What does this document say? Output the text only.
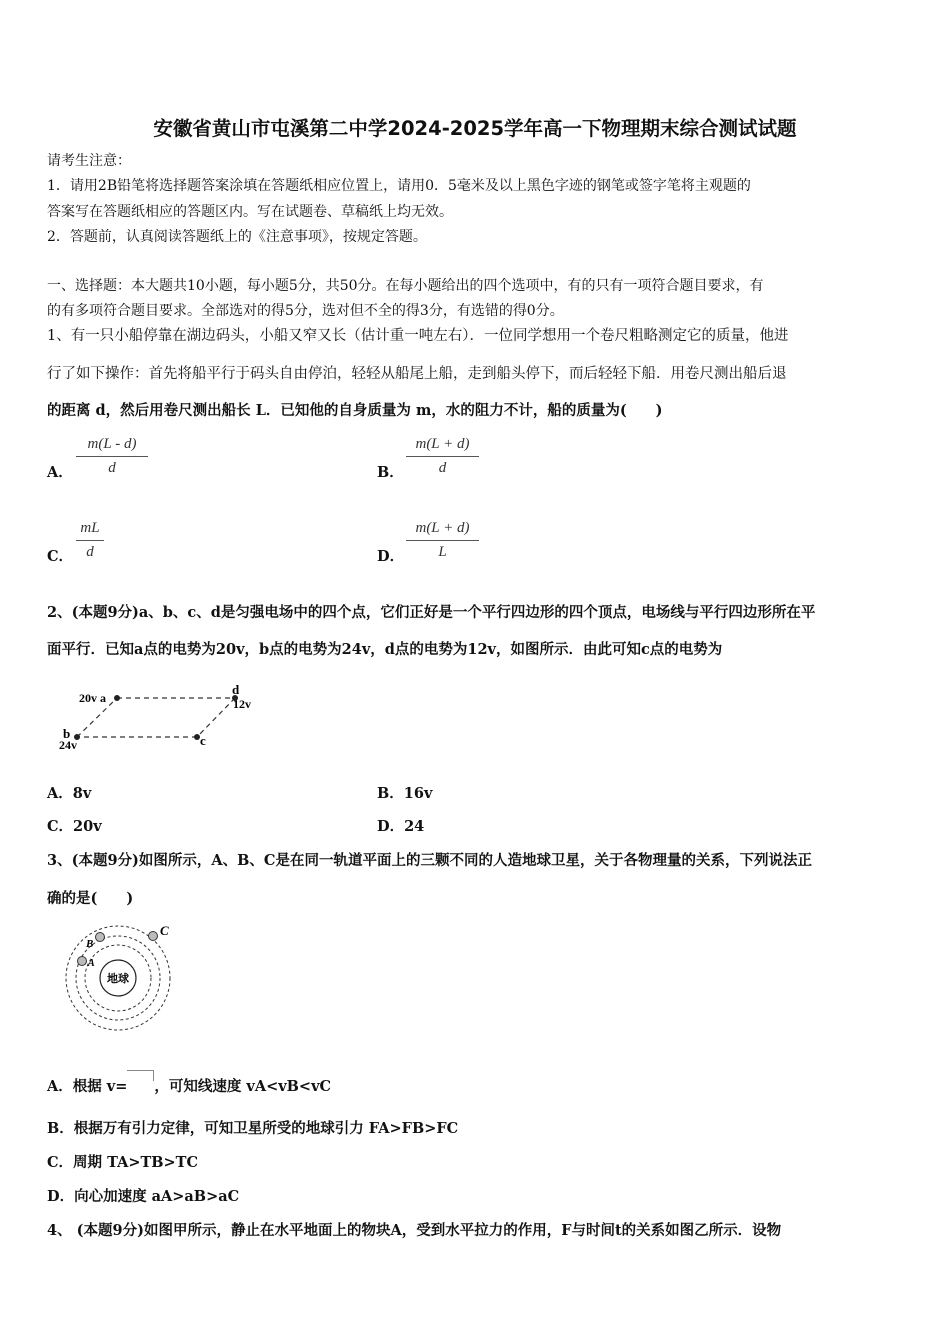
安徽省黄山市屯溪第二中学2024-2025学年高一下物理期末综合测试试题
请考生注意：
1．请用2B铅笔将选择题答案涂填在答题纸相应位置上，请用0．5毫米及以上黑色字迹的钢笔或签字笔将主观题的
答案写在答题纸相应的答题区内。写在试题卷、草稿纸上均无效。
2．答题前，认真阅读答题纸上的《注意事项》，按规定答题。
一、选择题：本大题共10小题，每小题5分，共50分。在每小题给出的四个选项中，有的只有一项符合题目要求，有
的有多项符合题目要求。全部选对的得5分，选对但不全的得3分，有选错的得0分。
1、有一只小船停靠在湖边码头，小船又窄又长（估计重一吨左右）．一位同学想用一个卷尺粗略测定它的质量，他进
行了如下操作：首先将船平行于码头自由停泊，轻轻从船尾上船，走到船头停下，而后轻轻下船．用卷尺测出船后退
的距离 d，然后用卷尺测出船长 L．已知他的自身质量为 m，水的阻力不计，船的质量为(　　)
A．
m(L - d)
d	B．
m(L + d)
d
C．
mL
d	D．
m(L + d)
L
2、(本题9分)a、b、c、d是匀强电场中的四个点，它们正好是一个平行四边形的四个顶点，电场线与平行四边形所在平
面平行．已知a点的电势为20v，b点的电势为24v，d点的电势为12v，如图所示．由此可知c点的电势为
20v a
d
12v
b
24v	c
A．8v	B．16v
C．20v	D．24
3、(本题9分)如图所示，A、B、C是在同一轨道平面上的三颗不同的人造地球卫星，关于各物理量的关系，下列说法正
确的是(　　)
地球
A
B
C
A．根据 v= ，可知线速度 vA<vB<vC
B．根据万有引力定律，可知卫星所受的地球引力 FA>FB>FC
C．周期 TA>TB>TC
D．向心加速度 aA>aB>aC
4、 (本题9分)如图甲所示，静止在水平地面上的物块A，受到水平拉力的作用，F与时间t的关系如图乙所示．设物
